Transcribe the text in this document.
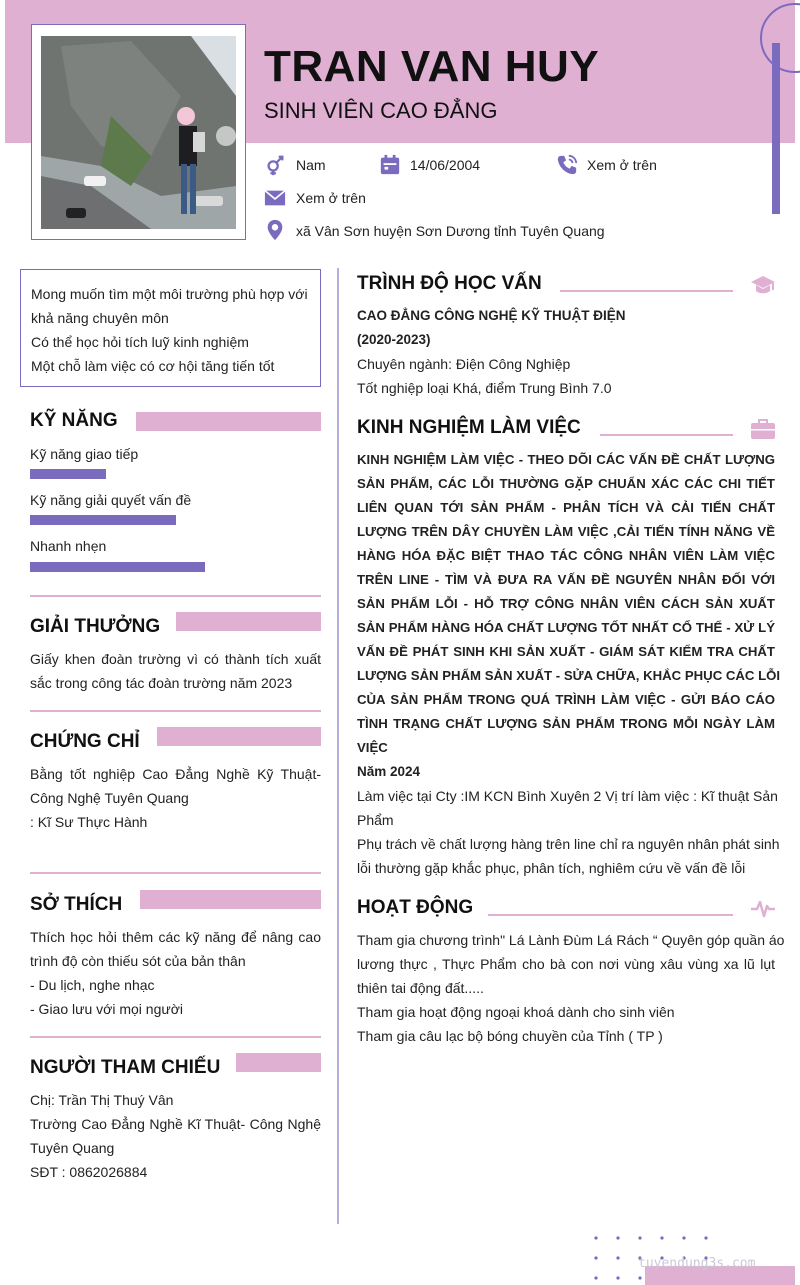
TRAN VAN HUY
SINH VIÊN CAO ĐẲNG
Nam	14/06/2004	Xem ở trên
Xem ở trên
xã Vân Sơn huyện Sơn Dương tỉnh Tuyên Quang
Mong muốn tìm một môi trường phù hợp với
khả năng chuyên môn
Có thể học hỏi tích luỹ kinh nghiệm
Một chỗ làm việc có cơ hội tăng tiến tốt
KỸ NĂNG
Kỹ năng giao tiếp
Kỹ năng giải quyết vấn đề
Nhanh nhẹn
GIẢI THƯỞNG
Giấy khen đoàn trường vì có thành tích xuất
sắc trong công tác đoàn trường năm 2023
CHỨNG CHỈ
Bằng tốt nghiệp Cao Đẳng Nghề Kỹ Thuật-
Công Nghệ Tuyên Quang
: Kĩ Sư Thực Hành
SỞ THÍCH
Thích học hỏi thêm các kỹ năng để nâng cao
trình độ còn thiếu sót của bản thân
- Du lịch, nghe nhạc
- Giao lưu với mọi người
NGƯỜI THAM CHIẾU
Chị: Trần Thị Thuý Vân
Trường Cao Đẳng Nghề Kĩ Thuật- Công Nghệ
Tuyên Quang
SĐT : 0862026884
TRÌNH ĐỘ HỌC VẤN
CAO ĐẲNG CÔNG NGHỆ KỸ THUẬT ĐIỆN
(2020-2023)
Chuyên ngành: Điện Công Nghiệp
Tốt nghiệp loại Khá, điểm Trung Bình 7.0
KINH NGHIỆM LÀM VIỆC
KINH NGHIỆM LÀM VIỆC - THEO DÕI CÁC VẤN ĐỀ CHẤT LƯỢNG
SẢN PHẨM, CÁC LỖI THƯỜNG GẶP CHUẨN XÁC CÁC CHI TIẾT
LIÊN QUAN TỚI SẢN PHẨM - PHÂN TÍCH VÀ CẢI TIẾN CHẤT
LƯỢNG TRÊN DÂY CHUYỀN LÀM VIỆC ,CẢI TIẾN TÍNH NĂNG VỀ
HÀNG HÓA ĐẶC BIỆT THAO TÁC CÔNG NHÂN VIÊN LÀM VIỆC
TRÊN LINE - TÌM VÀ ĐƯA RA VẤN ĐỀ NGUYÊN NHÂN ĐỐI VỚI
SẢN PHẨM LỖI - HỖ TRỢ CÔNG NHÂN VIÊN CÁCH SẢN XUẤT
SẢN PHẨM HÀNG HÓA CHẤT LƯỢNG TỐT NHẤT CỔ THỂ - XỬ LÝ
VẤN ĐỀ PHÁT SINH KHI SẢN XUẤT - GIÁM SÁT KIỂM TRA CHẤT
LƯỢNG SẢN PHẨM SẢN XUẤT - SỬA CHỮA, KHẮC PHỤC CÁC LỖI
CỦA SẢN PHẨM TRONG QUÁ TRÌNH LÀM VIỆC - GỬI BÁO CÁO
TÌNH TRẠNG CHẤT LƯỢNG SẢN PHẨM TRONG MỖI NGÀY LÀM
VIỆC
Năm 2024
Làm việc tại Cty :IM KCN Bình Xuyên 2 Vị trí làm việc : Kĩ thuật Sản
Phẩm
Phụ trách về chất lượng hàng trên line chỉ ra nguyên nhân phát sinh
lỗi thường gặp khắc phục, phân tích, nghiêm cứu về vấn đề lỗi
HOẠT ĐỘNG
Tham gia chương trình" Lá Lành Đùm Lá Rách “ Quyên góp quần áo
lương thực , Thực Phẩm cho bà con nơi vùng xâu vùng xa lũ lụt
thiên tai động đất.....
Tham gia hoạt động ngoại khoá dành cho sinh viên
Tham gia câu lạc bộ bóng chuyền của Tỉnh ( TP )
tuyendung3s.com
